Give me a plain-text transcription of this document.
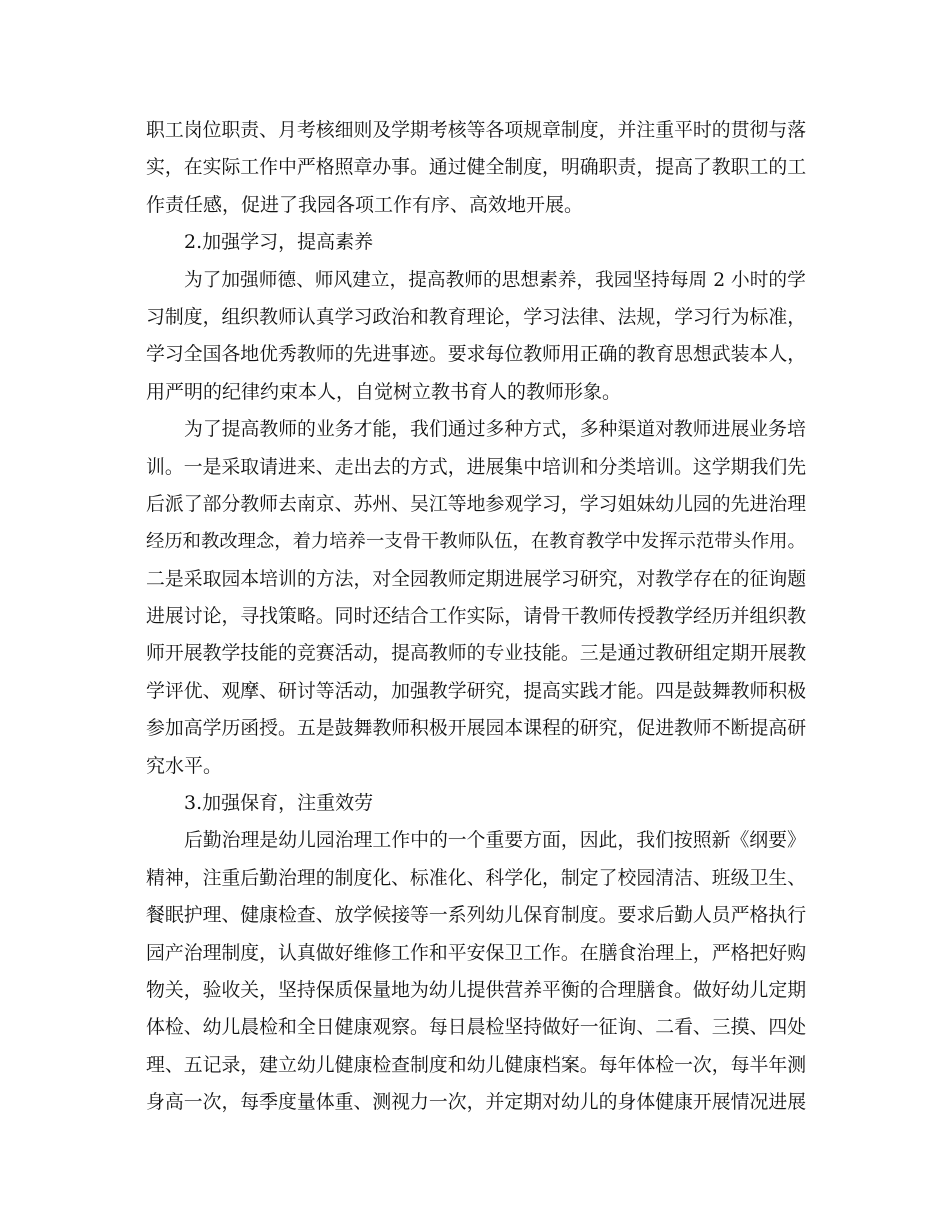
职工岗位职责、月考核细则及学期考核等各项规章制度，并注重平时的贯彻与落
实，在实际工作中严格照章办事。通过健全制度，明确职责，提高了教职工的工
作责任感，促进了我园各项工作有序、高效地开展。
2.加强学习，提高素养
为了加强师德、师风建立，提高教师的思想素养，我园坚持每周 2 小时的学
习制度，组织教师认真学习政治和教育理论，学习法律、法规，学习行为标准，
学习全国各地优秀教师的先进事迹。要求每位教师用正确的教育思想武装本人，
用严明的纪律约束本人，自觉树立教书育人的教师形象。
为了提高教师的业务才能，我们通过多种方式，多种渠道对教师进展业务培
训。一是采取请进来、走出去的方式，进展集中培训和分类培训。这学期我们先
后派了部分教师去南京、苏州、吴江等地参观学习，学习姐妹幼儿园的先进治理
经历和教改理念，着力培养一支骨干教师队伍，在教育教学中发挥示范带头作用。
二是采取园本培训的方法，对全园教师定期进展学习研究，对教学存在的征询题
进展讨论，寻找策略。同时还结合工作实际，请骨干教师传授教学经历并组织教
师开展教学技能的竞赛活动，提高教师的专业技能。三是通过教研组定期开展教
学评优、观摩、研讨等活动，加强教学研究，提高实践才能。四是鼓舞教师积极
参加高学历函授。五是鼓舞教师积极开展园本课程的研究，促进教师不断提高研
究水平。
3.加强保育，注重效劳
后勤治理是幼儿园治理工作中的一个重要方面，因此，我们按照新《纲要》
精神，注重后勤治理的制度化、标准化、科学化，制定了校园清洁、班级卫生、
餐眠护理、健康检查、放学候接等一系列幼儿保育制度。要求后勤人员严格执行
园产治理制度，认真做好维修工作和平安保卫工作。在膳食治理上，严格把好购
物关，验收关，坚持保质保量地为幼儿提供营养平衡的合理膳食。做好幼儿定期
体检、幼儿晨检和全日健康观察。每日晨检坚持做好一征询、二看、三摸、四处
理、五记录，建立幼儿健康检查制度和幼儿健康档案。每年体检一次，每半年测
身高一次，每季度量体重、测视力一次，并定期对幼儿的身体健康开展情况进展
